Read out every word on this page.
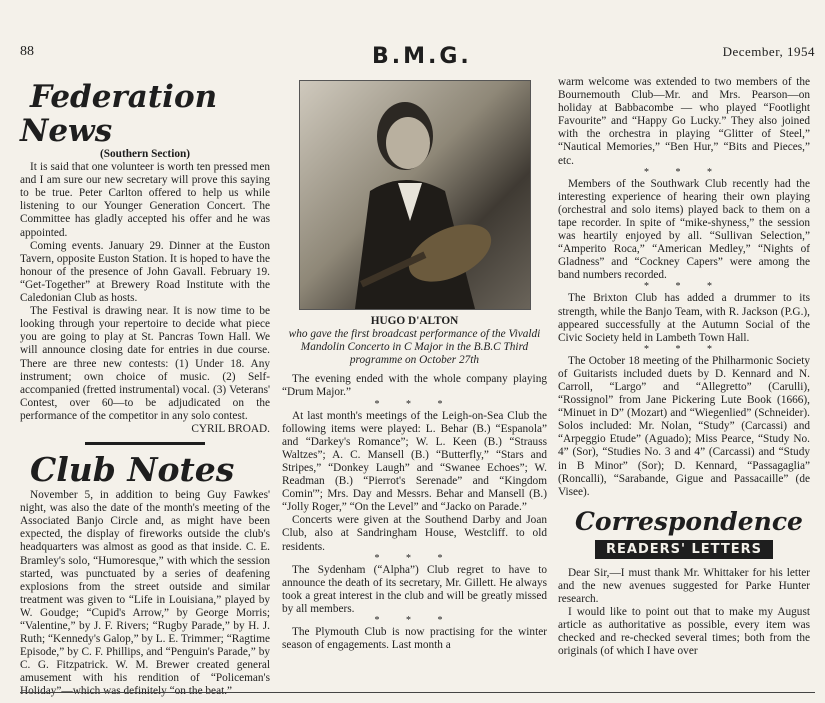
88	B.M.G.	December, 1954

Federation News

(Southern Section)

It is said that one volunteer is worth ten pressed men and I am sure our new secretary will prove this saying to be true. Peter Carlton offered to help us while listening to our Younger Generation Concert. The Committee has gladly accepted his offer and he was appointed.

Coming events. January 29. Dinner at the Euston Tavern, opposite Euston Station. It is hoped to have the honour of the presence of John Gavall. February 19. “Get-Together” at Brewery Road Institute with the Caledonian Club as hosts.

The Festival is drawing near. It is now time to be looking through your repertoire to decide what piece you are going to play at St. Pancras Town Hall. We will announce closing date for entries in due course. There are three new contests: (1) Under 18. Any instrument; own choice of music. (2) Self-accompanied (fretted instrumental) vocal. (3) Veterans' Contest, over 60—to be adjudicated on the performance of the competitor in any solo contest.

CYRIL BROAD.

Club Notes

November 5, in addition to being Guy Fawkes' night, was also the date of the month's meeting of the Associated Banjo Circle and, as might have been expected, the display of fireworks outside the club's headquarters was almost as good as that inside. C. E. Bramley's solo, “Humoresque,” with which the session started, was punctuated by a series of deafening explosions from the street outside and similar treatment was given to “Life in Louisiana,” played by W. Goudge; “Cupid's Arrow,” by George Morris; “Valentine,” by J. F. Rivers; “Rugby Parade,” by H. J. Ruth; “Kennedy's Galop,” by L. E. Trimmer; “Ragtime Episode,” by C. F. Phillips, and “Penguin's Parade,” by C. G. Fitzpatrick. W. M. Brewer created general amusement with his rendition of “Policeman's

HUGO D'ALTON

who gave the first broadcast performance of the Vivaldi Mandolin Concerto in C Major in the B.B.C Third programme on October 27th

The evening ended with the whole company playing “Drum Major.”

* * *

At last month's meetings of the Leigh-on-Sea Club the following items were played: L. Behar (B.) “Espanola” and “Darkey's Romance”; W. L. Keen (B.) “Strauss Waltzes”; A. C. Mansell (B.) “Butterfly,” “Stars and Stripes,” “Donkey Laugh” and “Swanee Echoes”; W. Readman (B.) “Pierrot's Serenade” and “Kingdom Comin'”; Mrs. Day and Messrs. Behar and Mansell (B.) “Jolly Roger,” “On the Level” and “Jacko on Parade.”

Concerts were given at the Southend Darby and Joan Club, also at Sandringham House, Westcliff. to old residents.

* * *

The Sydenham (“Alpha”) Club regret to have to announce the death of its secretary, Mr. Gillett. He always took a great interest in the club and will be greatly missed by all members.

* * *

The Plymouth Club is now practising for the winter season of engagements. Last month a

warm welcome was extended to two members of the Bournemouth Club—Mr. and Mrs. Pearson—on holiday at Babbacombe — who played “Footlight Favourite” and “Happy Go Lucky.” They also joined with the orchestra in playing “Glitter of Steel,” “Nautical Memories,” “Ben Hur,” “Bits and Pieces,” etc.

* * *

Members of the Southwark Club recently had the interesting experience of hearing their own playing (orchestral and solo items) played back to them on a tape recorder. In spite of “mike-shyness,” the session was heartily enjoyed by all. “Sullivan Selection,” “Amperito Roca,” “American Medley,” “Nights of Gladness” and “Cockney Capers” were among the band numbers recorded.

* * *

The Brixton Club has added a drummer to its strength, while the Banjo Team, with R. Jackson (P.G.), appeared successfully at the Autumn Social of the Civic Society held in Lambeth Town Hall.

* * *

The October 18 meeting of the Philharmonic Society of Guitarists included duets by D. Kennard and N. Carroll, “Largo” and “Allegretto” (Carulli), “Rossignol” from Jane Pickering Lute Book (1666), “Minuet in D” (Mozart) and “Wiegenlied” (Schneider). Solos included: Mr. Nolan, “Study” (Carcassi) and “Arpeggio Etude” (Aguado); Miss Pearce, “Study No. 4” (Sor), “Studies No. 3 and 4” (Carcassi) and “Study in B Minor” (Sor); D. Kennard, “Passagaglia” (Roncalli), “Sarabande, Gigue and Passacaille” (de Visee).

Correspondence

READERS' LETTERS

Dear Sir,—I must thank Mr. Whittaker for his letter and the new avenues suggested for Parke Hunter research.

I would like to point out that to make my August article as authoritative as possible, every item was checked and re-checked several times; both from the originals (of which I have over
